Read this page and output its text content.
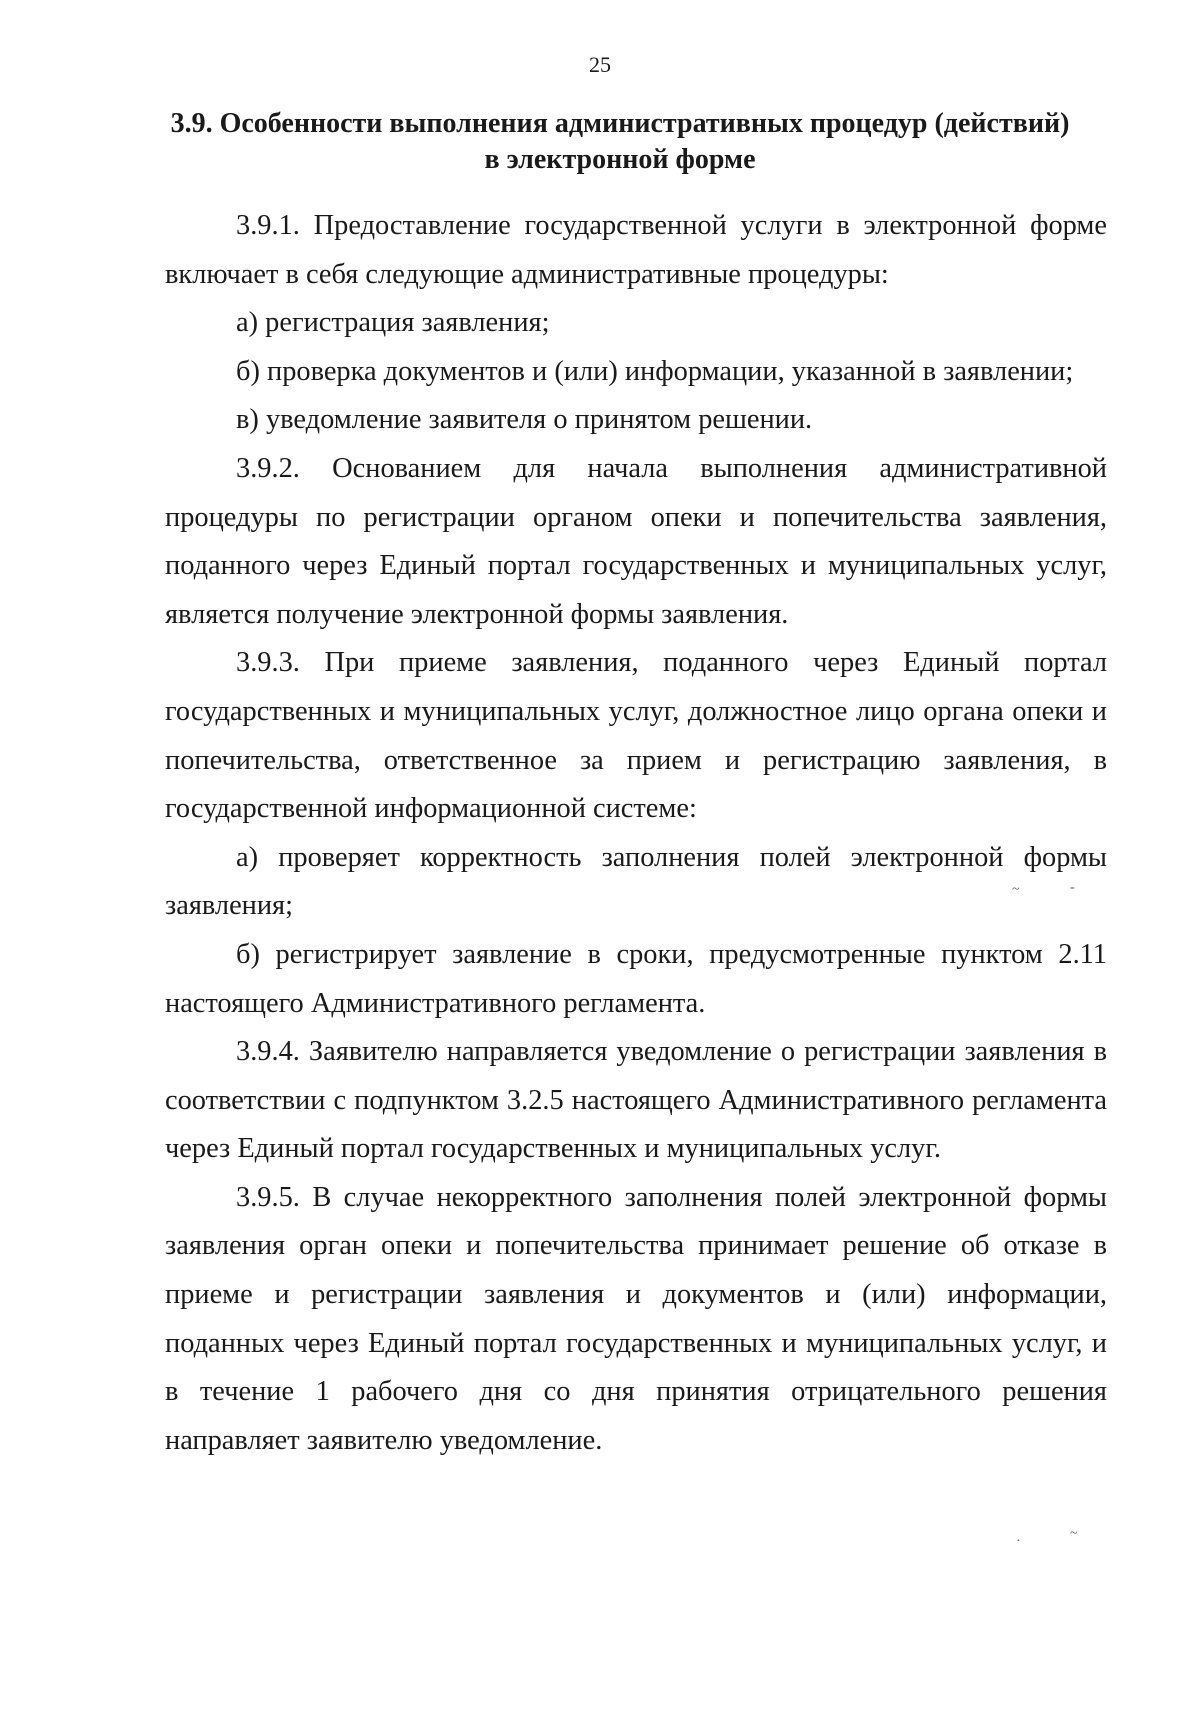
25
3.9. Особенности выполнения административных процедур (действий)
в электронной форме

3.9.1. Предоставление государственной услуги в электронной форме включает в себя следующие административные процедуры:

а) регистрация заявления;

б) проверка документов и (или) информации, указанной в заявлении;

в) уведомление заявителя о принятом решении.

3.9.2. Основанием для начала выполнения административной процедуры по регистрации органом опеки и попечительства заявления, поданного через Единый портал государственных и муниципальных услуг, является получение электронной формы заявления.

3.9.3. При приеме заявления, поданного через Единый портал государственных и муниципальных услуг, должностное лицо органа опеки и попечительства, ответственное за прием и регистрацию заявления, в государственной информационной системе:

а) проверяет корректность заполнения полей электронной формы заявления;

б) регистрирует заявление в сроки, предусмотренные пунктом 2.11 настоящего Административного регламента.

3.9.4. Заявителю направляется уведомление о регистрации заявления в соответствии с подпунктом 3.2.5 настоящего Административного регламента через Единый портал государственных и муниципальных услуг.

3.9.5. В случае некорректного заполнения полей электронной формы заявления орган опеки и попечительства принимает решение об отказе в приеме и регистрации заявления и документов и (или) информации, поданных через Единый портал государственных и муниципальных услуг, и в течение 1 рабочего дня со дня принятия отрицательного решения направляет заявителю уведомление.

~	-
·
~
